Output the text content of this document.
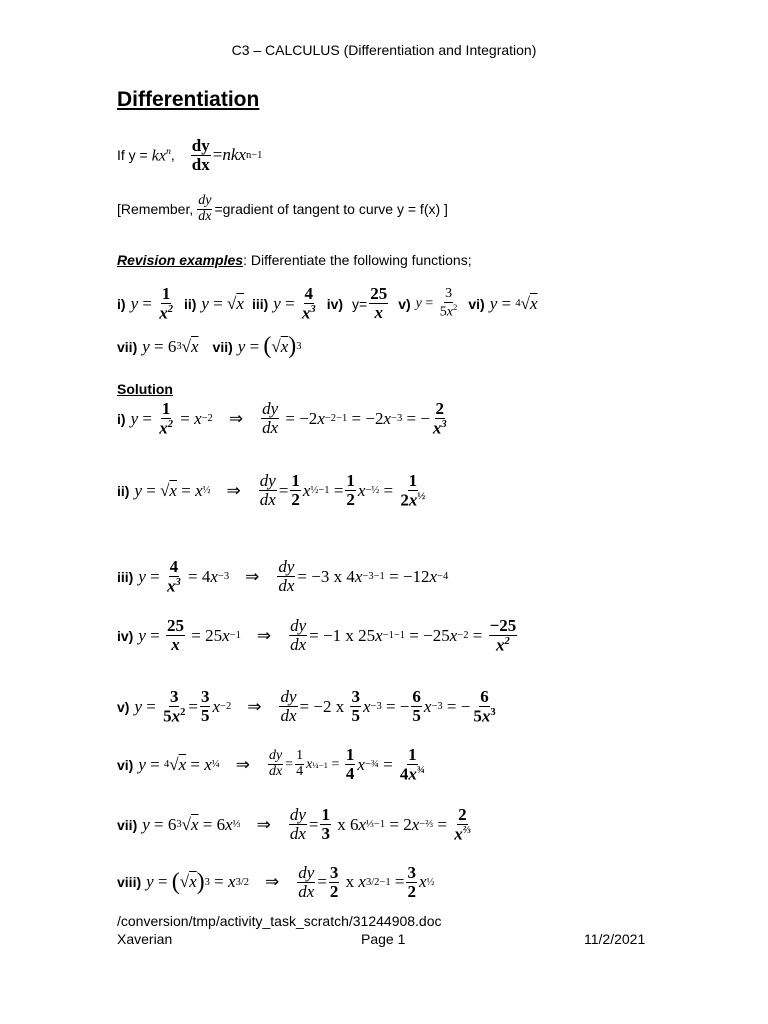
C3 – CALCULUS (Differentiation and Integration)
Differentiation
If $y = kx^n$ , $\frac{dy}{dx}$ = nkx n−1
[Remember, $\frac{dy}{dx}$ =gradient of tangent to curve y = f(x) ]
Revision examples: Differentiate the following functions;
i) $y = \frac{1}{x^2} ii$) y = √ x iii) $y = \frac{4}{x^3} iv$) $y= \frac{25}{x} v$) $y = \frac{3}{5x^2} vi$) y = 4 √ x
vii) y = 6 3 √ x vii) y = ( √ x ) 3
Solution
i) $y = \frac{1}{x^2} = x -2$ ⇒ $\frac{dy}{dx} = -2$ x −2−1 = −2 x −3 = − $\frac{2}{x^3}$
ii) y = √ x = x ½ ⇒ $\frac{dy}{dx} = \frac{1}{2}$ x ½−1 = $\frac{1}{2}$ x −½ = $\frac{1}{2x^{\frac{1}{2}}}$
iii) $y = \frac{4}{x^3} = 4$ x −3 ⇒ $\frac{dy}{dx} = -3$ x 4 x −3−1 = −12 x −4
iv) $y = \frac{25}{x} = 25$ x −1 ⇒ $\frac{dy}{dx} = -1$ x 25 x −1−1 = −25 $x -2 = \frac{-25}{x^2}$
v) $y = \frac{3}{5x^2} = \frac{3}{5}$ x −2 ⇒ $\frac{dy}{dx} = -2$ x $\frac{3}{5}$ x −3 = − $\frac{6}{5}$ x −3 = − $\frac{6}{5x^3}$
vi) y = 4 √ x = x ¼ ⇒ $\frac{dy}{dx} = \frac{1}{4}$ x ¼−1 = $\frac{1}{4}$ x −¾ = $\frac{1}{4x^{\frac{3}{4}}}$
vii) y = 6 3 √ x = 6 x ⅓ ⇒ $\frac{dy}{dx} = \frac{1}{3}$ x 6 x ⅓−1 = 2 x −⅔ = $\frac{2}{x^{\frac{2}{3}}}$
viii) y = ( √ x ) 3 = x 3/2 ⇒ $\frac{dy}{dx} = \frac{3}{2}$ x x $3/2-1 = \frac{3}{2}$ x ½
/conversion/tmp/activity_task_scratch/31244908.doc
Xaverian	Page 1	11/2/2021
